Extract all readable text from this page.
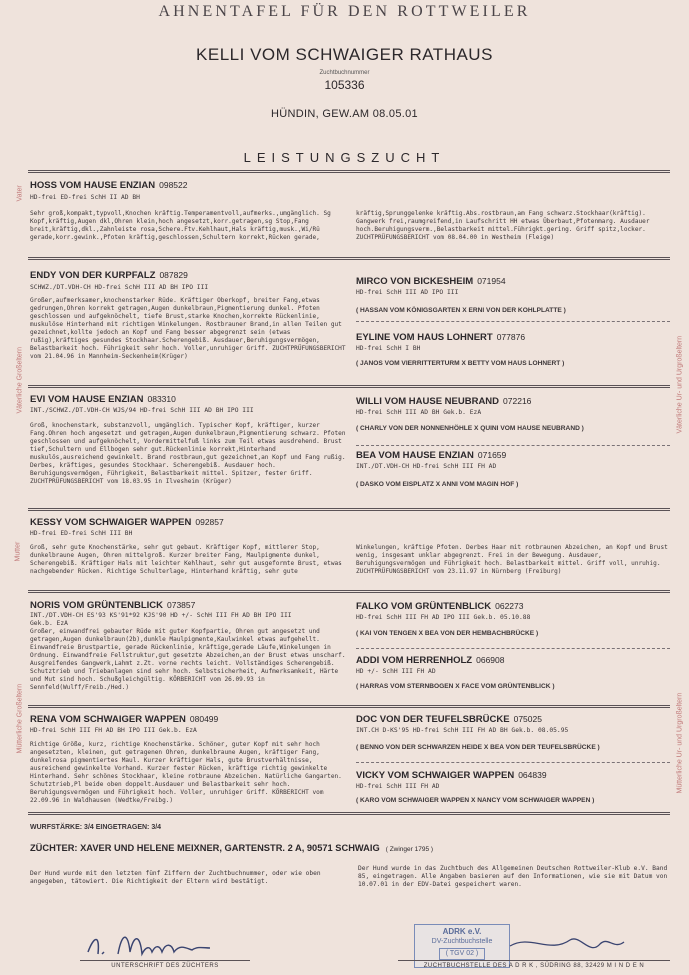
AHNENTAFEL FÜR DEN ROTTWEILER
KELLI VOM SCHWAIGER RATHAUS
Zuchtbuchnummer
105336
HÜNDIN, GEW.AM 08.05.01
LEISTUNGSZUCHT
Vater
Väterliche Großeltern
Mutter
Mütterliche Großeltern
Väterliche Ur- und Urgroßeltern
Mütterliche Ur- und Urgroßeltern
HOSS VOM HAUSE ENZIAN 098522
HD-frei ED-frei SchH II AD BH
Sehr groß,kompakt,typvoll,Knochen kräftig.Temperamentvoll,aufmerks.,umgänglich. Sg Kopf,kräftig,Augen dkl,Ohren klein,hoch angesetzt,korr.getragen,sg Stop,Fang breit,kräftig,dkl.,Zahnleiste rosa,Schere.Ftv.Kehlhaut,Hals kräftig,musk.,Wi/Rü gerade,korr.gewink.,Pfoten kräftig,geschlossen,Schultern korrekt,Rücken gerade,
kräftig,Sprunggelenke kräftig.Abs.rostbraun,am Fang schwarz.Stockhaar(kräftig). Gangwerk frei,raumgreifend,in Laufschritt HH etwas Überbaut,Pfotenmarg. Ausdauer hoch.Beruhigungsverm.,Belastbarkeit mittel.Führigkt.gering. Griff spitz,locker. ZUCHTPRÜFUNGSBERICHT vom 08.04.00 in Westheim (Fleige)
ENDY VON DER KURPFALZ 087829
SCHWZ./DT.VDH-CH HD-frei SchH III AD BH IPO III
Großer,aufmerksamer,knochenstarker Rüde. Kräftiger Oberkopf, breiter Fang,etwas gedrungen,Ohren korrekt getragen,Augen dunkelbraun,Pigmentierung dunkel. Pfoten geschlossen und aufgeknöchelt, tiefe Brust,starke Knochen,korrekte Rückenlinie, muskulöse Hinterhand mit richtigen Winkelungen. Rostbrauner Brand,in allen Teilen gut gezeichnet,kollte jedoch an Kopf und Fang besser abgegrenzt sein (etwas rußig),kräftiges gesundes Stockhaar.Scherengebiß. Ausdauer,Beruhigungsvermögen, Belastbarkeit hoch. Führigkeit sehr hoch. Voller,unruhiger Griff. ZUCHTPRÜFUNGSBERICHT vom 21.04.96 in Mannheim-Seckenheim(Krüger)
MIRCO VON BICKESHEIM 071954
HD-frei SchH III AD IPO III
( HASSAN VOM KÖNIGSGARTEN X ERNI VON DER KOHLPLATTE )
EYLINE VOM HAUS LOHNERT 077876
HD-frei SchH I BH
( JANOS VOM VIERRITTERTURM X BETTY VOM HAUS LOHNERT )
EVI VOM HAUSE ENZIAN 083310
INT./SCHWZ./DT.VDH-CH WJS/94 HD-frei SchH III AD BH IPO III
Groß, knochenstark, substanzvoll, umgänglich. Typischer Kopf, kräftiger, kurzer Fang.Ohren hoch angesetzt und getragen,Augen dunkelbraun,Pigmentierung schwarz. Pfoten geschlossen und aufgeknöchelt, Vordermittelfuß links zum Teil etwas ausdrehend. Brust tief,Schultern und Ellbogen sehr gut.Rückenlinie korrekt,Hinterhand muskulös,ausreichend gewinkelt. Brand rostbraun,gut gezeichnet,an Kopf und Fang rußig. Derbes, kräftiges, gesundes Stockhaar. Scherengebiß. Ausdauer hoch. Beruhigungsvermögen, Führigkeit, Belastbarkeit mittel. Spitzer, fester Griff. ZUCHTPRÜFUNGSBERICHT vom 18.03.95 in Ilvesheim (Krüger)
WILLI VOM HAUSE NEUBRAND 072216
HD-frei SchH III AD BH Gek.b. EzA
( CHARLY VON DER NONNENHÖHLE X QUINI VOM HAUSE NEUBRAND )
BEA VOM HAUSE ENZIAN 071659
INT./DT.VDH-CH HD-frei SchH III FH AD
( DASKO VOM EISPLATZ X ANNI VOM MAGIN HOF )
KESSY VOM SCHWAIGER WAPPEN 092857
HD-frei ED-frei SchH III BH
Groß, sehr gute Knochenstärke, sehr gut gebaut. Kräftiger Kopf, mittlerer Stop, dunkelbraune Augen, Ohren mittelgroß. Kurzer breiter Fang, Maulpigmente dunkel, Scherengebiß. Kräftiger Hals mit leichter Kehlhaut, sehr gut ausgeformte Brust, etwas nachgebender Rücken. Richtige Schulterlage, Hinterhand kräftig, sehr gute
Winkelungen, kräftige Pfoten. Derbes Haar mit rotbraunen Abzeichen, an Kopf und Brust wenig, insgesamt unklar abgegrenzt. Frei in der Bewegung. Ausdauer, Beruhigungsvermögen und Führigkeit hoch. Belastbarkeit mittel. Griff voll, unruhig. ZUCHTPRÜFUNGSBERICHT vom 23.11.97 in Nürnberg (Freiburg)
NORIS VOM GRÜNTENBLICK 073857
INT./DT.VDH-CH ES'93 KS'91*92 KJS'90 HD +/- SchH III FH AD BH IPO III
Gek.b. EzA
Großer, einwandfrei gebauter Rüde mit guter Kopfpartie, Ohren gut angesetzt und getragen,Augen dunkelbraun(2b),dunkle Maulpigmente,Kaulwinkel etwas aufgehellt. Einwandfreie Brustpartie, gerade Rückenlinie, kräftige,gerade Läufe,Winkelungen in Ordnung. Einwandfreie Fellstruktur,gut gesetzte Abzeichen,an der Brust etwas unscharf. Ausgreifendes Gangwerk,Lahmt z.Zt. vorne rechts leicht. Vollständiges Scherengebiß. Schutztrieb und Triebanlagen sind sehr hoch. Selbstsicherheit, Aufmerksamkeit, Härte und Mut sind hoch. Schußgleichgültig. KÖRBERICHT vom 26.09.93 in Sennfeld(Wulff/Freib./Hed.)
FALKO VOM GRÜNTENBLICK 062273
HD-frei SchH III FH AD IPO III Gek.b. 05.10.88
( KAI VON TENGEN X BEA VON DER HEMBACHBRÜCKE )
ADDI VOM HERRENHOLZ 066908
HD +/- SchH III FH AD
( HARRAS VOM STERNBOGEN X FACE VOM GRÜNTENBLICK )
RENA VOM SCHWAIGER WAPPEN 080499
HD-frei SchH III FH AD BH IPO III Gek.b. EzA
Richtige Größe, kurz, richtige Knochenstärke. Schöner, guter Kopf mit sehr hoch angesetzten, kleinen, gut getragenen Ohren, dunkelbraune Augen, kräftiger Fang, dunkelrosa pigmentiertes Maul. Kurzer kräftiger Hals, gute Brustverhältnisse, ausreichend gewinkelte Vorhand. Kurzer fester Rücken, kräftige richtig gewinkelte Hinterhand. Sehr schönes Stockhaar, kleine rotbraune Abzeichen. Natürliche Gangarten. Schutztrieb,Pl beide oben doppelt.Ausdauer und Belastbarkeit sehr hoch. Beruhigungsvermögen und Führigkeit hoch. Voller, unruhiger Griff. KÖRBERICHT vom 22.09.96 in Waldhausen (Wedtke/Freibg.)
DOC VON DER TEUFELSBRÜCKE 075025
INT.CH D-KS'95 HD-frei SchH III FH AD BH Gek.b. 08.05.95
( BENNO VON DER SCHWARZEN HEIDE X BEA VON DER TEUFELSBRÜCKE )
VICKY VOM SCHWAIGER WAPPEN 064839
HD-frei SchH III FH AD
( KARO VOM SCHWAIGER WAPPEN X NANCY VOM SCHWAIGER WAPPEN )
WURFSTÄRKE: 3/4 EINGETRAGEN: 3/4
ZÜCHTER: XAVER UND HELENE MEIXNER, GARTENSTR. 2 A, 90571 SCHWAIG ( Zwinger 1795 )
Der Hund wurde mit den letzten fünf Ziffern der Zuchtbuchnummer, oder wie oben angegeben, tätowiert. Die Richtigkeit der Eltern wird bestätigt.
Der Hund wurde in das Zuchtbuch des Allgemeinen Deutschen Rottweiler-Klub e.V. Band 85, eingetragen. Alle Angaben basieren auf den Informationen, wie sie mit Datum von 10.07.01 in der EDV-Datei gespeichert waren.
UNTERSCHRIFT DES ZÜCHTERS
ADRK e.V.
DV-Zuchtbuchstelle
( TGV 02 )
ZUCHTBUCHSTELLE DES A D R K , SÜDRING 88, 32429 M I N D E N
